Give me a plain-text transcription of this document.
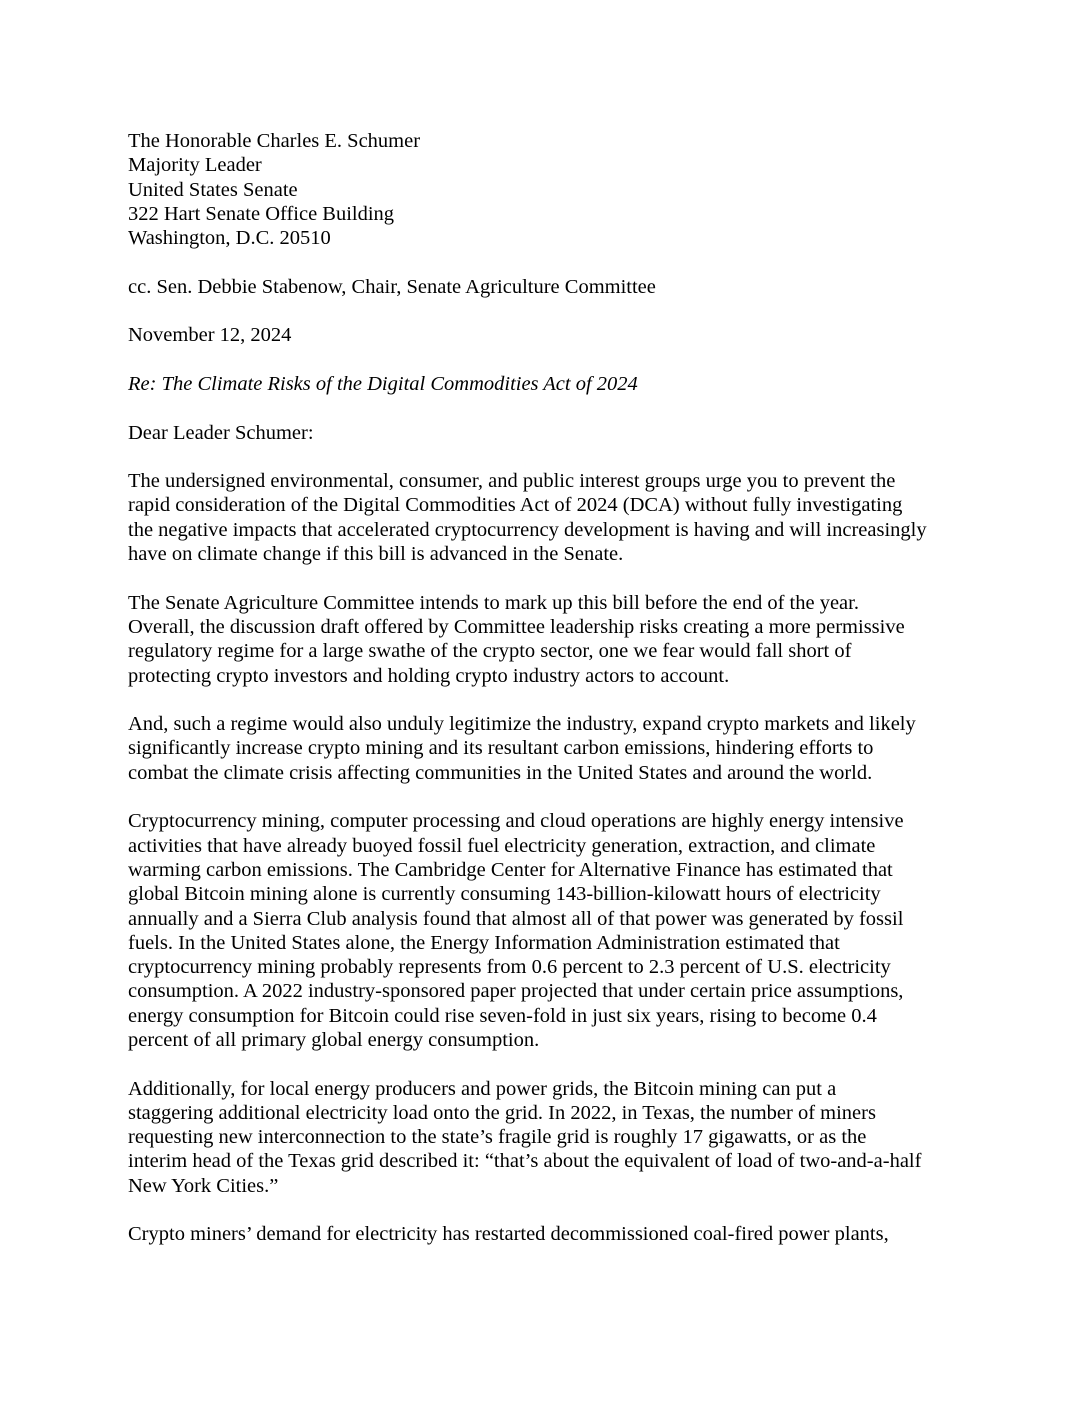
The Honorable Charles E. Schumer
Majority Leader
United States Senate
322 Hart Senate Office Building
Washington, D.C. 20510
cc. Sen. Debbie Stabenow, Chair, Senate Agriculture Committee
November 12, 2024
Re: The Climate Risks of the Digital Commodities Act of 2024
Dear Leader Schumer:
The undersigned environmental, consumer, and public interest groups urge you to prevent the
rapid consideration of the Digital Commodities Act of 2024 (DCA) without fully investigating
the negative impacts that accelerated cryptocurrency development is having and will increasingly
have on climate change if this bill is advanced in the Senate.
The Senate Agriculture Committee intends to mark up this bill before the end of the year.
Overall, the discussion draft offered by Committee leadership risks creating a more permissive
regulatory regime for a large swathe of the crypto sector, one we fear would fall short of
protecting crypto investors and holding crypto industry actors to account.
And, such a regime would also unduly legitimize the industry, expand crypto markets and likely
significantly increase crypto mining and its resultant carbon emissions, hindering efforts to
combat the climate crisis affecting communities in the United States and around the world.
Cryptocurrency mining, computer processing and cloud operations are highly energy intensive
activities that have already buoyed fossil fuel electricity generation, extraction, and climate
warming carbon emissions. The Cambridge Center for Alternative Finance has estimated that
global Bitcoin mining alone is currently consuming 143-billion-kilowatt hours of electricity
annually and a Sierra Club analysis found that almost all of that power was generated by fossil
fuels. In the United States alone, the Energy Information Administration estimated that
cryptocurrency mining probably represents from 0.6 percent to 2.3 percent of U.S. electricity
consumption. A 2022 industry-sponsored paper projected that under certain price assumptions,
energy consumption for Bitcoin could rise seven-fold in just six years, rising to become 0.4
percent of all primary global energy consumption.
Additionally, for local energy producers and power grids, the Bitcoin mining can put a
staggering additional electricity load onto the grid. In 2022, in Texas, the number of miners
requesting new interconnection to the state’s fragile grid is roughly 17 gigawatts, or as the
interim head of the Texas grid described it: “that’s about the equivalent of load of two-and-a-half
New York Cities.”
Crypto miners’ demand for electricity has restarted decommissioned coal-fired power plants,
